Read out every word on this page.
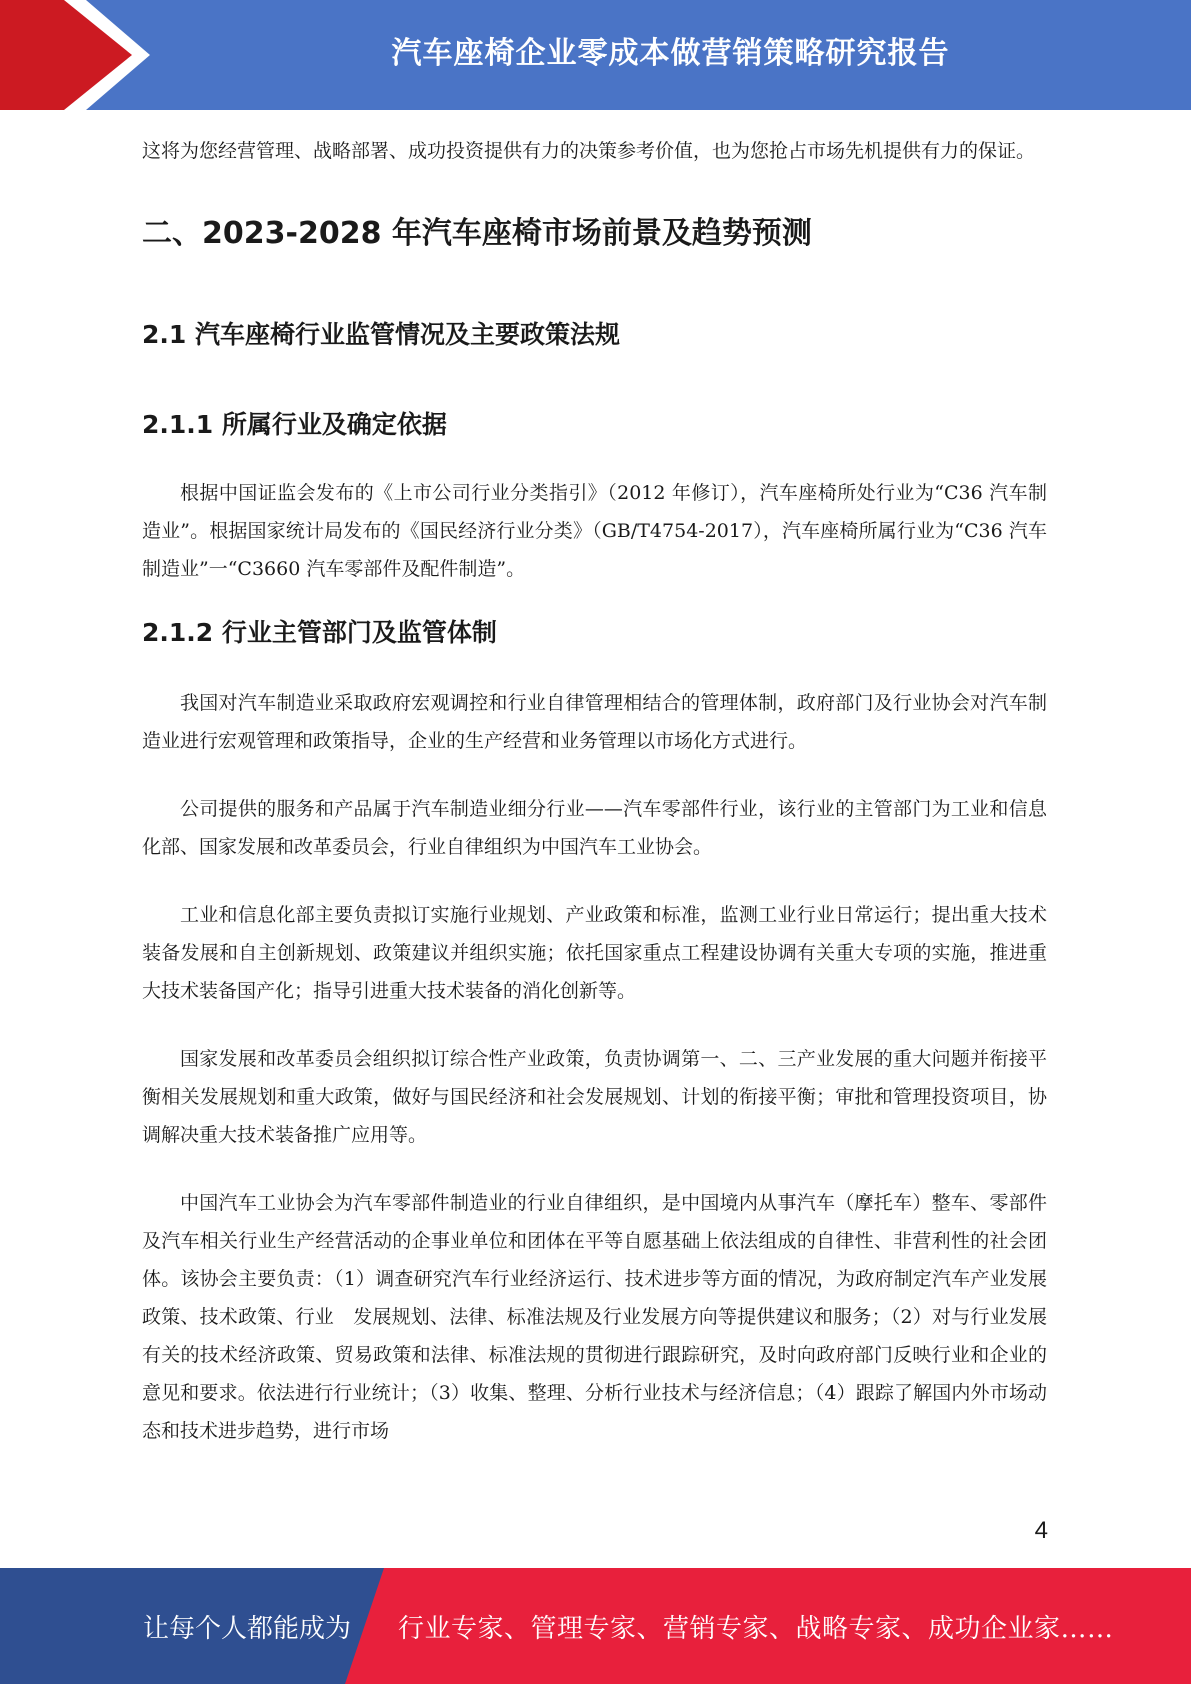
汽车座椅企业零成本做营销策略研究报告

这将为您经营管理、战略部署、成功投资提供有力的决策参考价值，也为您抢占市场先机提供有力的保证。

二、2023-2028 年汽车座椅市场前景及趋势预测
2.1 汽车座椅行业监管情况及主要政策法规
2.1.1 所属行业及确定依据

根据中国证监会发布的《上市公司行业分类指引》（2012 年修订），汽车座椅所处行业为“C36 汽车制造业”。根据国家统计局发布的《国民经济行业分类》（GB/T4754-2017），汽车座椅所属行业为“C36 汽车制造业”一“C3660 汽车零部件及配件制造”。

2.1.2 行业主管部门及监管体制

我国对汽车制造业采取政府宏观调控和行业自律管理相结合的管理体制，政府部门及行业协会对汽车制造业进行宏观管理和政策指导，企业的生产经营和业务管理以市场化方式进行。

公司提供的服务和产品属于汽车制造业细分行业——汽车零部件行业，该行业的主管部门为工业和信息化部、国家发展和改革委员会，行业自律组织为中国汽车工业协会。

工业和信息化部主要负责拟订实施行业规划、产业政策和标准，监测工业行业日常运行；提出重大技术装备发展和自主创新规划、政策建议并组织实施；依托国家重点工程建设协调有关重大专项的实施，推进重大技术装备国产化；指导引进重大技术装备的消化创新等。

国家发展和改革委员会组织拟订综合性产业政策，负责协调第一、二、三产业发展的重大问题并衔接平衡相关发展规划和重大政策，做好与国民经济和社会发展规划、计划的衔接平衡；审批和管理投资项目，协调解决重大技术装备推广应用等。

中国汽车工业协会为汽车零部件制造业的行业自律组织，是中国境内从事汽车（摩托车）整车、零部件及汽车相关行业生产经营活动的企事业单位和团体在平等自愿基础上依法组成的自律性、非营利性的社会团体。该协会主要负责：（1）调查研究汽车行业经济运行、技术进步等方面的情况，为政府制定汽车产业发展政策、技术政策、行业　发展规划、法律、标准法规及行业发展方向等提供建议和服务；（2）对与行业发展有关的技术经济政策、贸易政策和法律、标准法规的贯彻进行跟踪研究，及时向政府部门反映行业和企业的意见和要求。依法进行行业统计；（3）收集、整理、分析行业技术与经济信息；（4）跟踪了解国内外市场动态和技术进步趋势，进行市场

4
让每个人都能成为 行业专家、管理专家、营销专家、战略专家、成功企业家……
